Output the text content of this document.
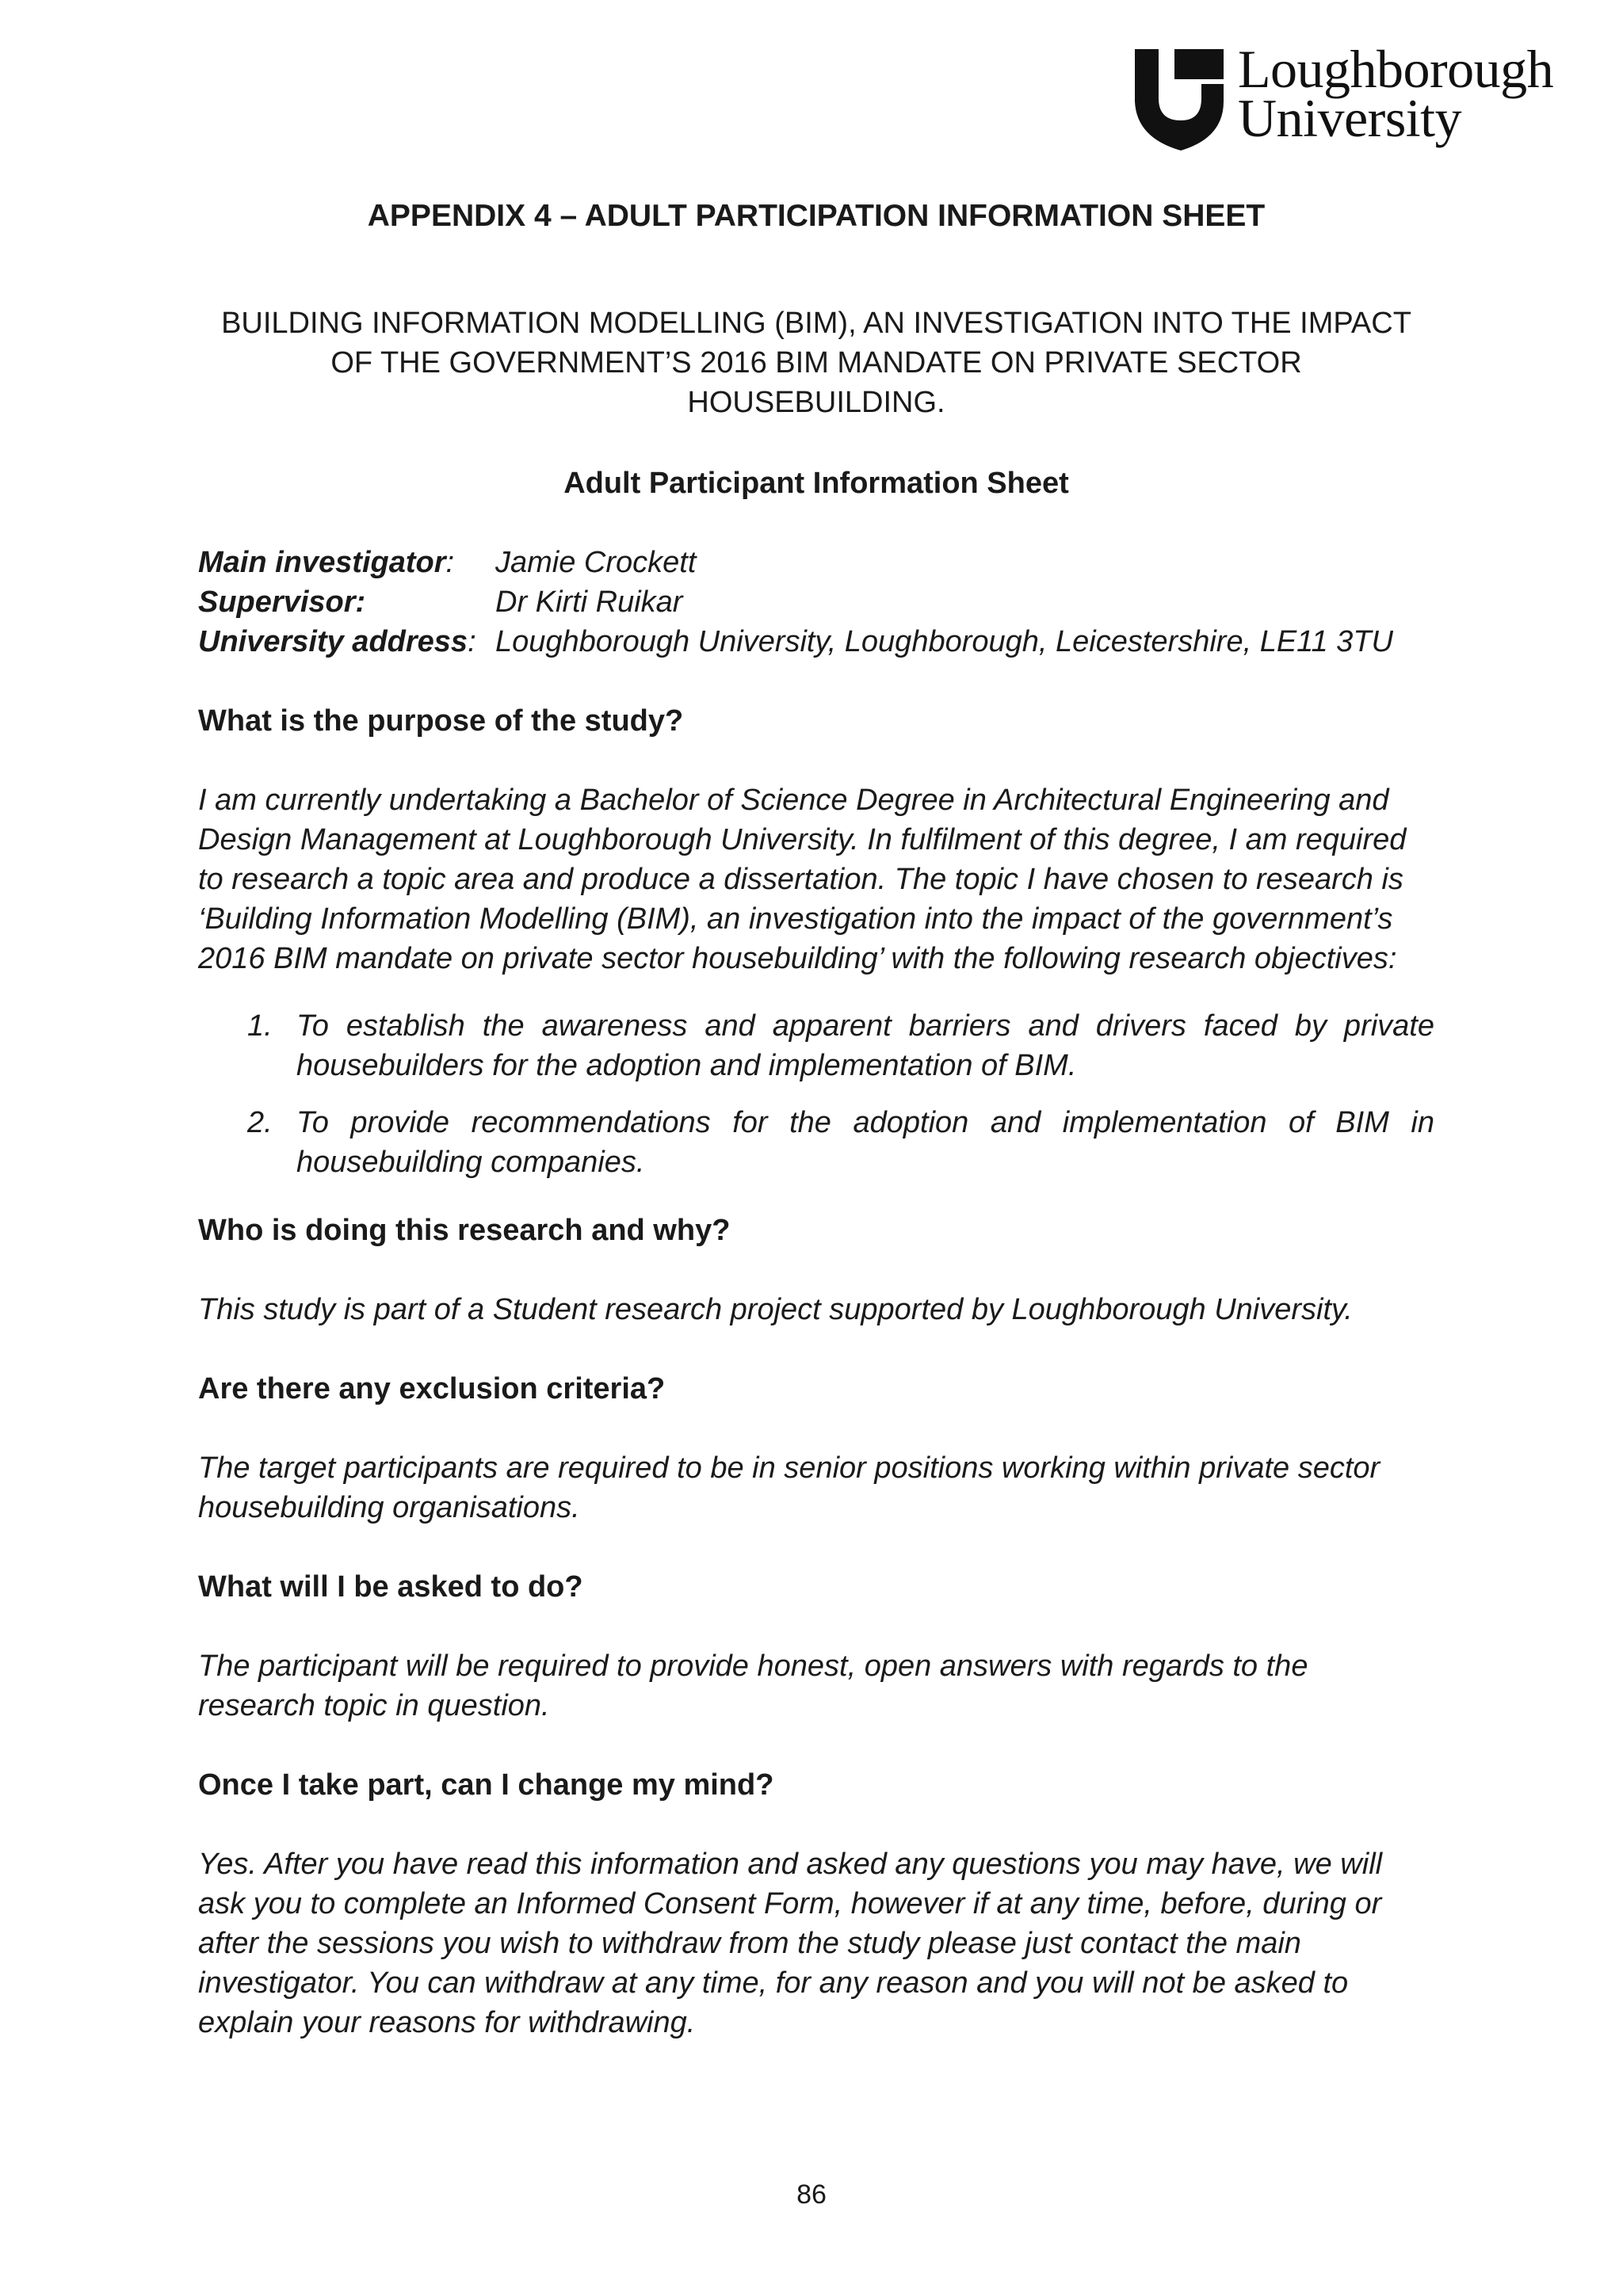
Loughborough
University
APPENDIX 4 – ADULT PARTICIPATION INFORMATION SHEET
BUILDING INFORMATION MODELLING (BIM), AN INVESTIGATION INTO THE IMPACT
OF THE GOVERNMENT’S 2016 BIM MANDATE ON PRIVATE SECTOR
HOUSEBUILDING.
Adult Participant Information Sheet
Main investigator:	Jamie Crockett
Supervisor:	Dr Kirti Ruikar
University address: Loughborough University, Loughborough, Leicestershire, LE11 3TU
What is the purpose of the study?
I am currently undertaking a Bachelor of Science Degree in Architectural Engineering and
Design Management at Loughborough University. In fulfilment of this degree, I am required
to research a topic area and produce a dissertation. The topic I have chosen to research is
‘Building Information Modelling (BIM), an investigation into the impact of the government’s
2016 BIM mandate on private sector housebuilding’ with the following research objectives:
1. To establish the awareness and apparent barriers and drivers faced by private
housebuilders for the adoption and implementation of BIM.
2. To provide recommendations for the adoption and implementation of BIM in
housebuilding companies.
Who is doing this research and why?
This study is part of a Student research project supported by Loughborough University.
Are there any exclusion criteria?
The target participants are required to be in senior positions working within private sector
housebuilding organisations.
What will I be asked to do?
The participant will be required to provide honest, open answers with regards to the
research topic in question.
Once I take part, can I change my mind?
Yes. After you have read this information and asked any questions you may have, we will
ask you to complete an Informed Consent Form, however if at any time, before, during or
after the sessions you wish to withdraw from the study please just contact the main
investigator. You can withdraw at any time, for any reason and you will not be asked to
explain your reasons for withdrawing.
86
